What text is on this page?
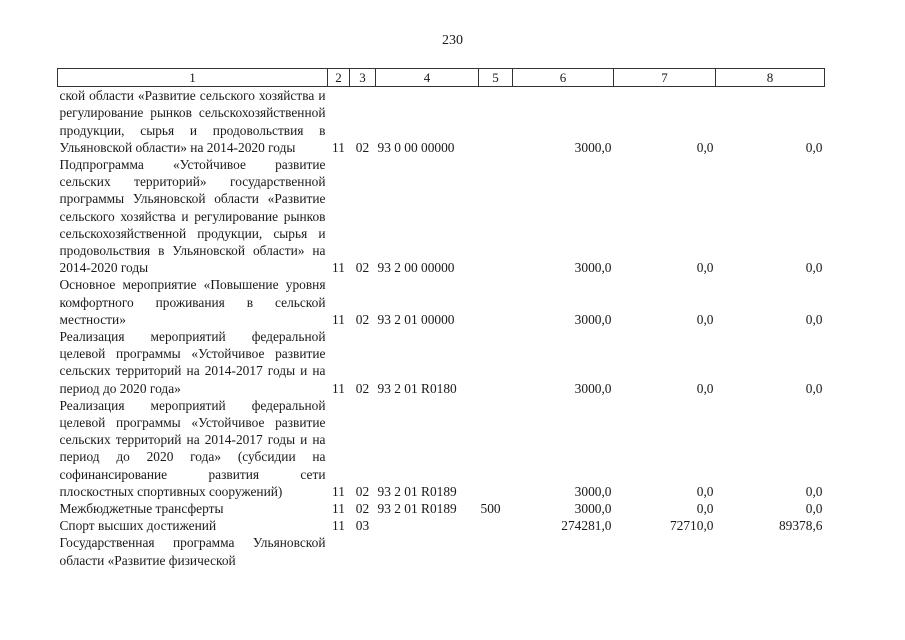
230
1	2	3	4	5	6	7	8
ской области «Развитие сельского хозяйства и регулирование рынков сельскохозяйственной продукции, сырья и продовольствия в Ульяновской области» на 2014-2020 годы	11	02	93 0 00 00000		3000,0	0,0	0,0
Подпрограмма «Устойчивое развитие сельских территорий» государственной программы Ульяновской области «Развитие сельского хозяйства и регулирование рынков сельскохозяйственной продукции, сырья и продовольствия в Ульяновской области» на 2014-2020 годы	11	02	93 2 00 00000		3000,0	0,0	0,0
Основное мероприятие «Повышение уровня комфортного проживания в сельской местности»	11	02	93 2 01 00000		3000,0	0,0	0,0
Реализация мероприятий федеральной целевой программы «Устойчивое развитие сельских территорий на 2014-2017 годы и на период до 2020 года»	11	02	93 2 01 R0180		3000,0	0,0	0,0
Реализация мероприятий федеральной целевой программы «Устойчивое развитие сельских территорий на 2014-2017 годы и на период до 2020 года» (субсидии на софинансирование развития сети плоскостных спортивных сооружений)	11	02	93 2 01 R0189		3000,0	0,0	0,0
Межбюджетные трансферты	11	02	93 2 01 R0189	500	3000,0	0,0	0,0
Спорт высших достижений	11	03			274281,0	72710,0	89378,6
Государственная программа Ульяновской области «Развитие физической							
